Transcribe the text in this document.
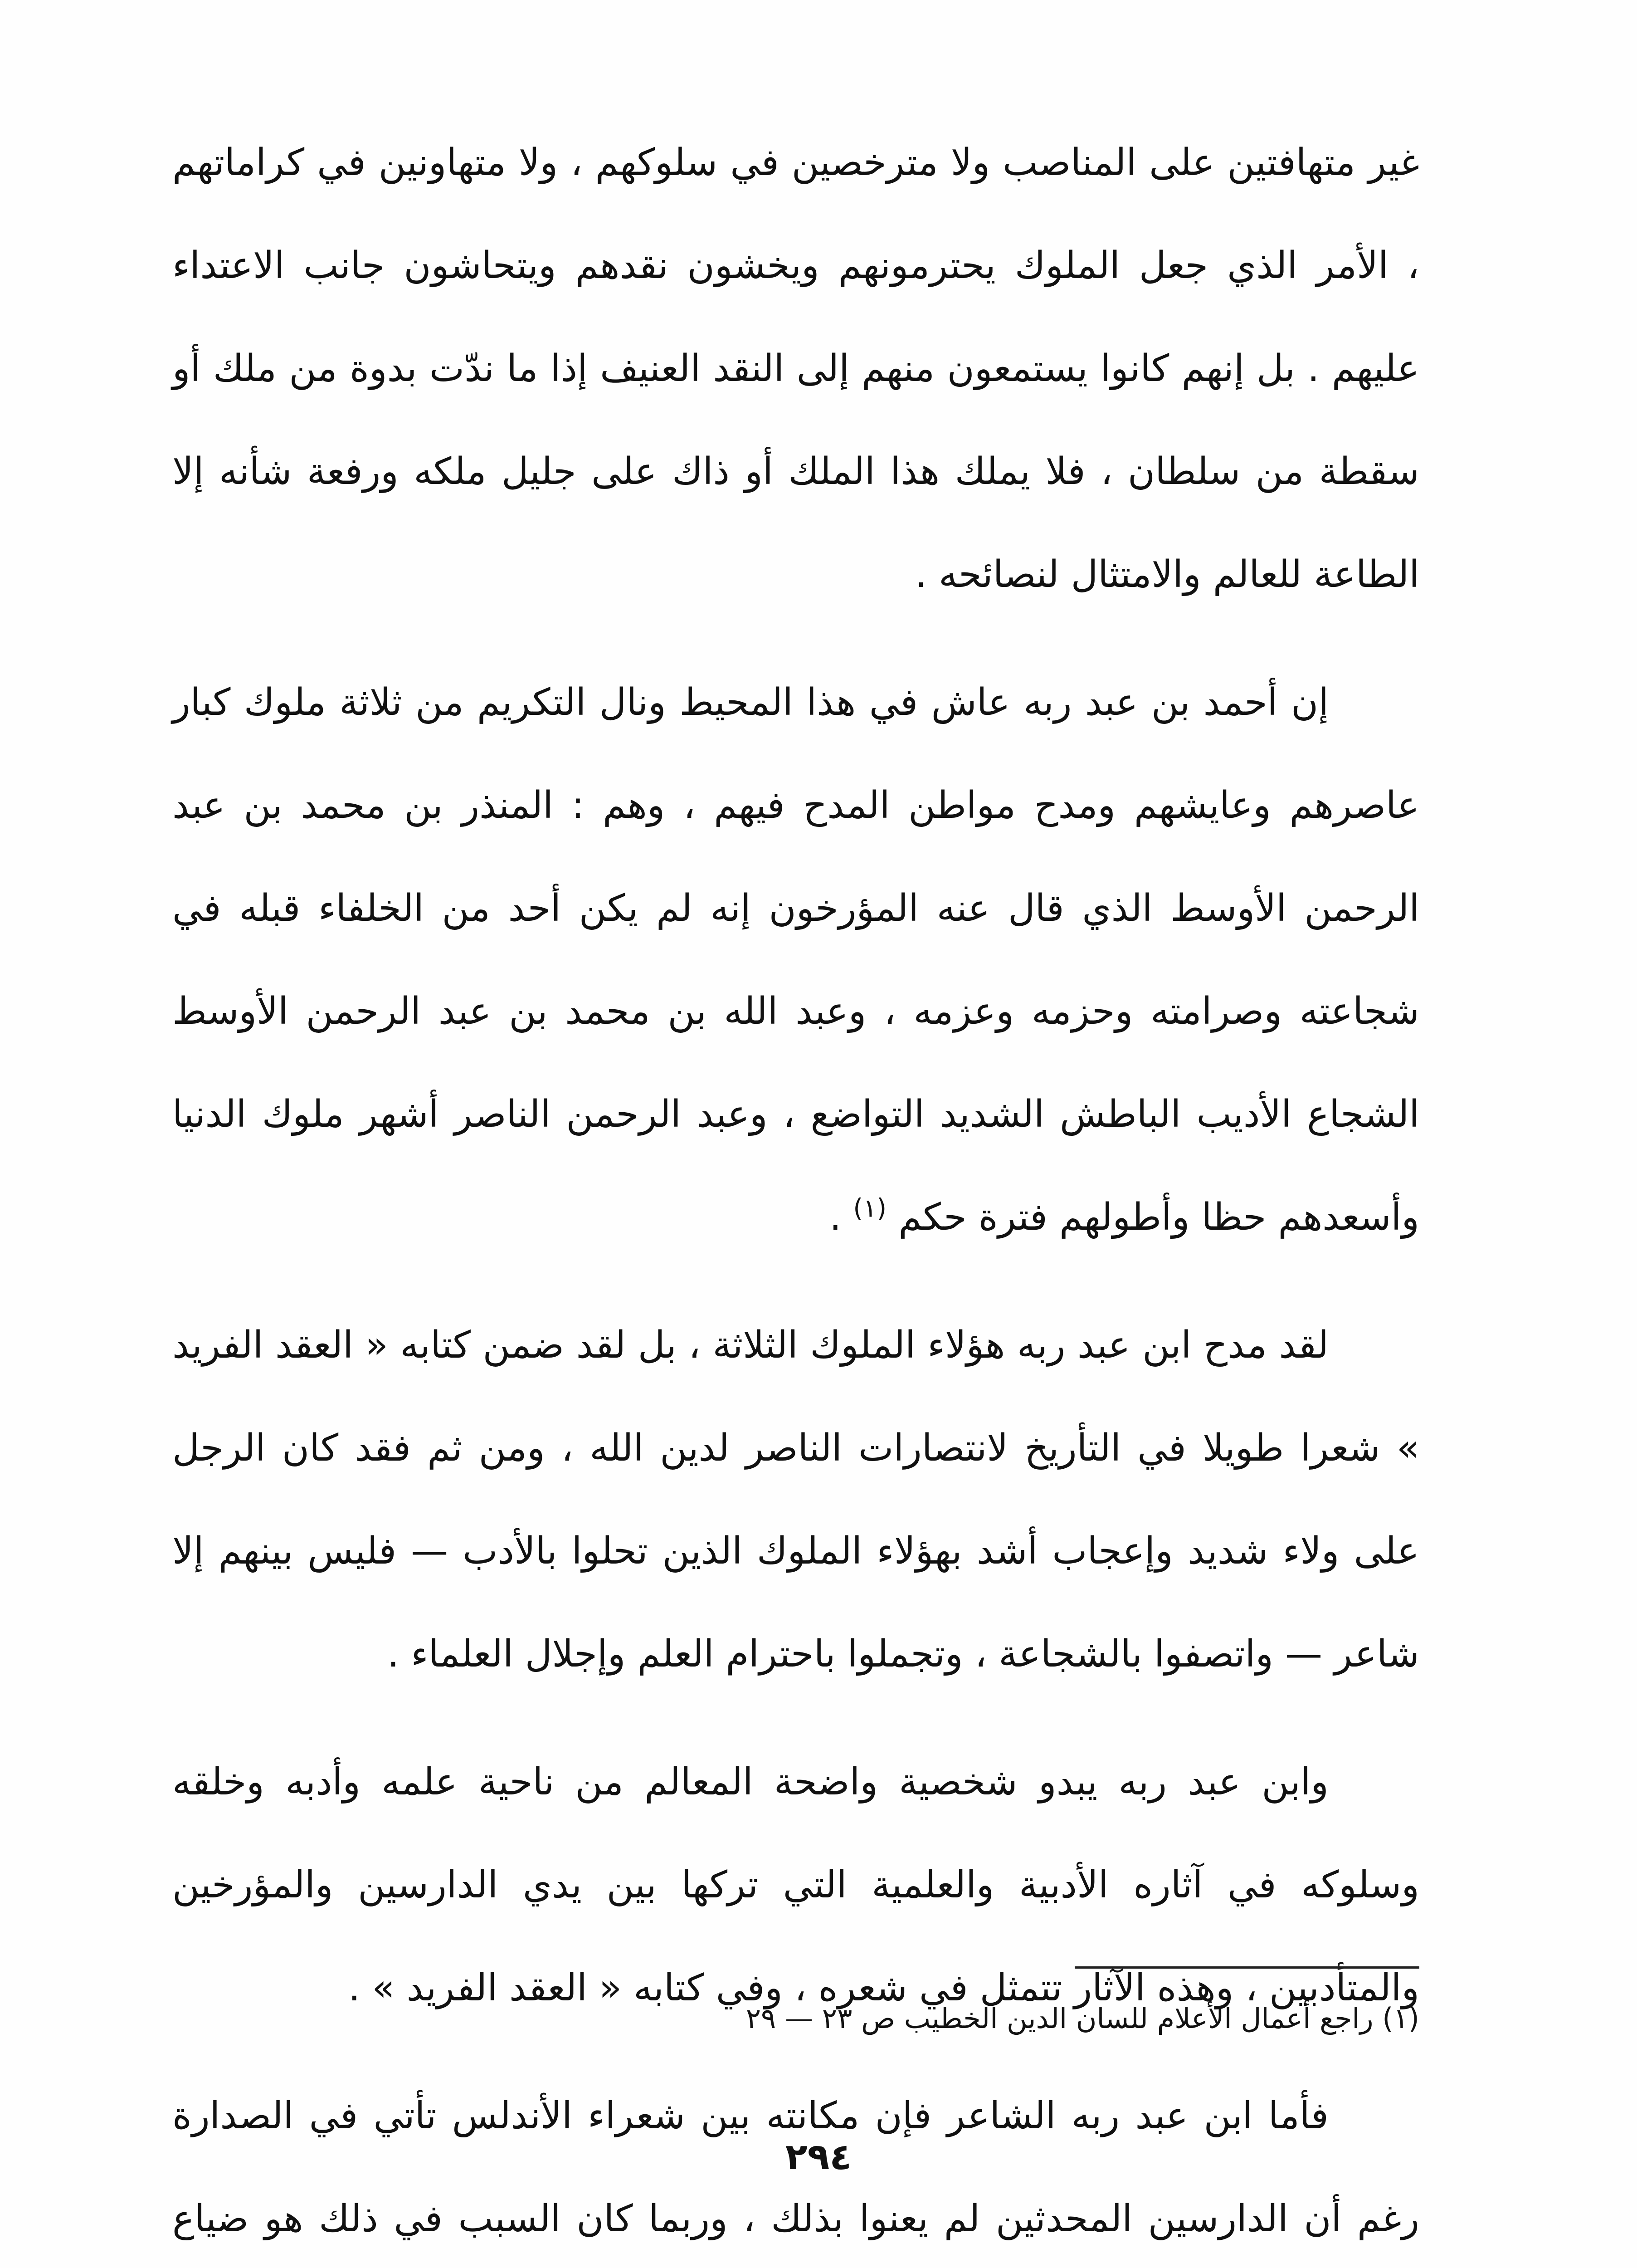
غير متهافتين على المناصب ولا مترخصين في سلوكهم ، ولا متهاونين في كراماتهم ، الأمر الذي جعل الملوك يحترمونهم ويخشون نقدهم ويتحاشون جانب الاعتداء عليهم . بل إنهم كانوا يستمعون منهم إلى النقد العنيف إذا ما ندّت بدوة من ملك أو سقطة من سلطان ، فلا يملك هذا الملك أو ذاك على جليل ملكه ورفعة شأنه إلا الطاعة للعالم والامتثال لنصائحه .

إن أحمد بن عبد ربه عاش في هذا المحيط ونال التكريم من ثلاثة ملوك كبار عاصرهم وعايشهم ومدح مواطن المدح فيهم ، وهم : المنذر بن محمد بن عبد الرحمن الأوسط الذي قال عنه المؤرخون إنه لم يكن أحد من الخلفاء قبله في شجاعته وصرامته وحزمه وعزمه ، وعبد الله بن محمد بن عبد الرحمن الأوسط الشجاع الأديب الباطش الشديد التواضع ، وعبد الرحمن الناصر أشهر ملوك الدنيا وأسعدهم حظا وأطولهم فترة حكم $^{(١)}$ .

لقد مدح ابن عبد ربه هؤلاء الملوك الثلاثة ، بل لقد ضمن كتابه « العقد الفريد » شعرا طويلا في التأريخ لانتصارات الناصر لدين الله ، ومن ثم فقد كان الرجل على ولاء شديد وإعجاب أشد بهؤلاء الملوك الذين تحلوا بالأدب — فليس بينهم إلا شاعر — واتصفوا بالشجاعة ، وتجملوا باحترام العلم وإجلال العلماء .

وابن عبد ربه يبدو شخصية واضحة المعالم من ناحية علمه وأدبه وخلقه وسلوكه في آثاره الأدبية والعلمية التي تركها بين يدي الدارسين والمؤرخين والمتأدبين ، وهذه الآثار تتمثل في شعره ، وفي كتابه « العقد الفريد » .

فأما ابن عبد ربه الشاعر فإن مكانته بين شعراء الأندلس تأتي في الصدارة رغم أن الدارسين المحدثين لم يعنوا بذلك ، وربما كان السبب في ذلك هو ضياع

(١) راجع أعمال الأعلام للسان الدين الخطيب ص ٢٣ — ٢٩
٢٩٤
